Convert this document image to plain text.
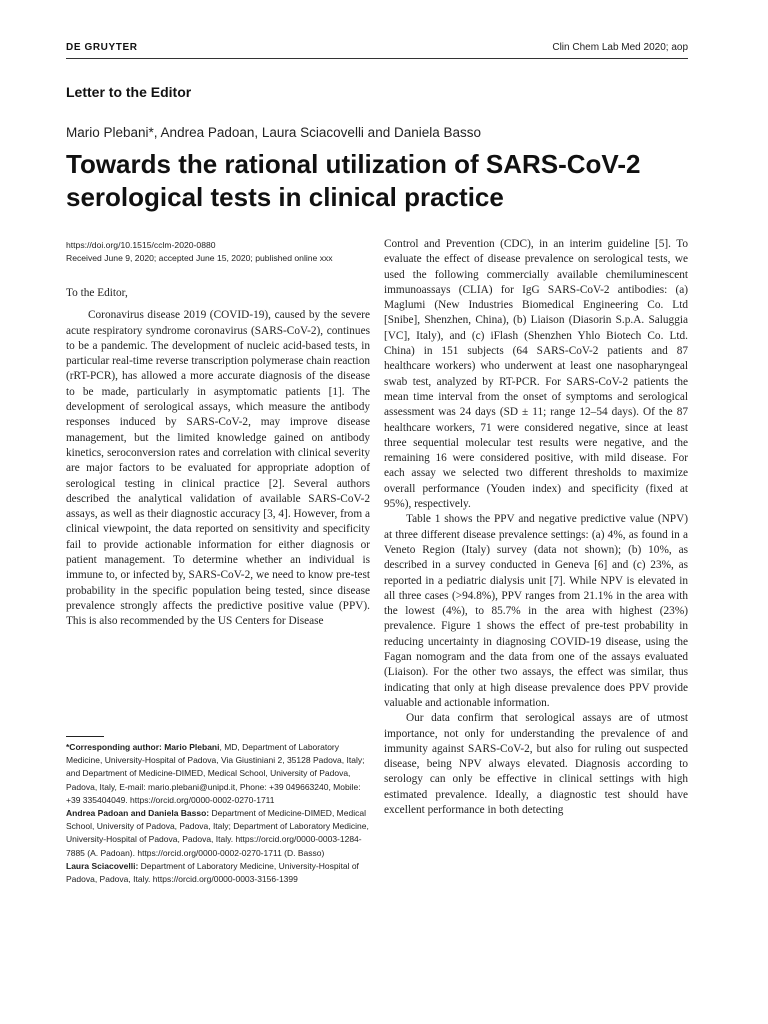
DE GRUYTER	Clin Chem Lab Med 2020; aop
Letter to the Editor
Mario Plebani*, Andrea Padoan, Laura Sciacovelli and Daniela Basso
Towards the rational utilization of SARS-CoV-2 serological tests in clinical practice
https://doi.org/10.1515/cclm-2020-0880
Received June 9, 2020; accepted June 15, 2020; published online xxx

To the Editor,

Coronavirus disease 2019 (COVID-19), caused by the severe acute respiratory syndrome coronavirus (SARS-CoV-2), continues to be a pandemic. The development of nucleic acid-based tests, in particular real-time reverse transcription polymerase chain reaction (rRT-PCR), has allowed a more accurate diagnosis of the disease to be made, particularly in asymptomatic patients [1]. The development of serological assays, which measure the antibody responses induced by SARS-CoV-2, may improve disease management, but the limited knowledge gained on antibody kinetics, seroconversion rates and correlation with clinical severity are major factors to be evaluated for appropriate adoption of serological testing in clinical practice [2]. Several authors described the analytical validation of available SARS-CoV-2 assays, as well as their diagnostic accuracy [3, 4]. However, from a clinical viewpoint, the data reported on sensitivity and specificity fail to provide actionable information for either diagnosis or patient management. To determine whether an individual is immune to, or infected by, SARS-CoV-2, we need to know pre-test probability in the specific population being tested, since disease prevalence strongly affects the predictive positive value (PPV). This is also recommended by the US Centers for Disease

Control and Prevention (CDC), in an interim guideline [5]. To evaluate the effect of disease prevalence on serological tests, we used the following commercially available chemiluminescent immunoassays (CLIA) for IgG SARS-CoV-2 antibodies: (a) Maglumi (New Industries Biomedical Engineering Co. Ltd [Snibe], Shenzhen, China), (b) Liaison (Diasorin S.p.A. Saluggia [VC], Italy), and (c) iFlash (Shenzhen Yhlo Biotech Co. Ltd. China) in 151 subjects (64 SARS-CoV-2 patients and 87 healthcare workers) who underwent at least one nasopharyngeal swab test, analyzed by RT-PCR. For SARS-CoV-2 patients the mean time interval from the onset of symptoms and serological assessment was 24 days (SD ± 11; range 12–54 days). Of the 87 healthcare workers, 71 were considered negative, since at least three sequential molecular test results were negative, and the remaining 16 were considered positive, with mild disease. For each assay we selected two different thresholds to maximize overall performance (Youden index) and specificity (fixed at 95%), respectively.

Table 1 shows the PPV and negative predictive value (NPV) at three different disease prevalence settings: (a) 4%, as found in a Veneto Region (Italy) survey (data not shown); (b) 10%, as described in a survey conducted in Geneva [6] and (c) 23%, as reported in a pediatric dialysis unit [7]. While NPV is elevated in all three cases (>94.8%), PPV ranges from 21.1% in the area with the lowest (4%), to 85.7% in the area with highest (23%) prevalence. Figure 1 shows the effect of pre-test probability in reducing uncertainty in diagnosing COVID-19 disease, using the Fagan nomogram and the data from one of the assays evaluated (Liaison). For the other two assays, the effect was similar, thus indicating that only at high disease prevalence does PPV provide valuable and actionable information.

Our data confirm that serological assays are of utmost importance, not only for understanding the prevalence of and immunity against SARS-CoV-2, but also for ruling out suspected disease, being NPV always elevated. Diagnosis according to serology can only be effective in clinical settings with high estimated prevalence. Ideally, a diagnostic test should have excellent performance in both detecting

*Corresponding author: Mario Plebani, MD, Department of Laboratory Medicine, University-Hospital of Padova, Via Giustiniani 2, 35128 Padova, Italy; and Department of Medicine-DIMED, Medical School, University of Padova, Padova, Italy, E-mail: mario.plebani@unipd.it, Phone: +39 049663240, Mobile: +39 335404049. https://orcid.org/0000-0002-0270-1711

Andrea Padoan and Daniela Basso: Department of Medicine-DIMED, Medical School, University of Padova, Padova, Italy; Department of Laboratory Medicine, University-Hospital of Padova, Padova, Italy. https://orcid.org/0000-0003-1284-7885 (A. Padoan). https://orcid.org/0000-0002-0270-1711 (D. Basso)

Laura Sciacovelli: Department of Laboratory Medicine, University-Hospital of Padova, Padova, Italy. https://orcid.org/0000-0003-3156-1399
